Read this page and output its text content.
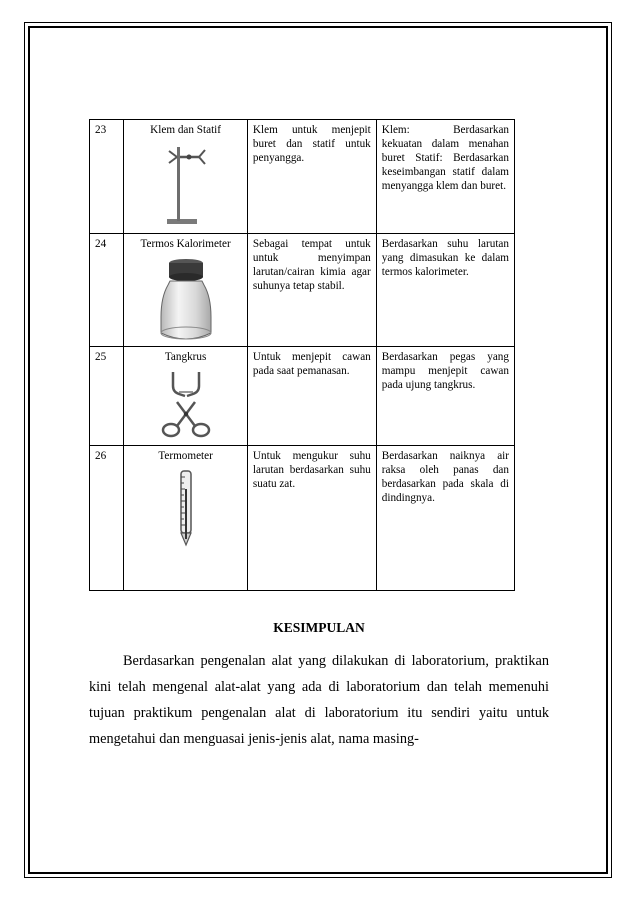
23	Klem dan Statif	Klem untuk menjepit buret dan statif untuk penyangga.	Klem: Berdasarkan kekuatan dalam menahan buret Statif: Berdasarkan keseimbangan statif dalam menyangga klem dan buret.
24	Termos Kalorimeter	Sebagai tempat untuk untuk menyimpan larutan/cairan kimia agar suhunya tetap stabil.	Berdasarkan suhu larutan yang dimasukan ke dalam termos kalorimeter.
25	Tangkrus	Untuk menjepit cawan pada saat pemanasan.	Berdasarkan pegas yang mampu menjepit cawan pada ujung tangkrus.
26	Termometer	Untuk mengukur suhu larutan berdasarkan suhu suatu zat.	Berdasarkan naiknya air raksa oleh panas dan berdasarkan pada skala di dindingnya.
KESIMPULAN

Berdasarkan pengenalan alat yang dilakukan di laboratorium, praktikan kini telah mengenal alat-alat yang ada di laboratorium dan telah memenuhi tujuan praktikum pengenalan alat di laboratorium itu sendiri yaitu untuk mengetahui dan menguasai jenis-jenis alat, nama masing-
